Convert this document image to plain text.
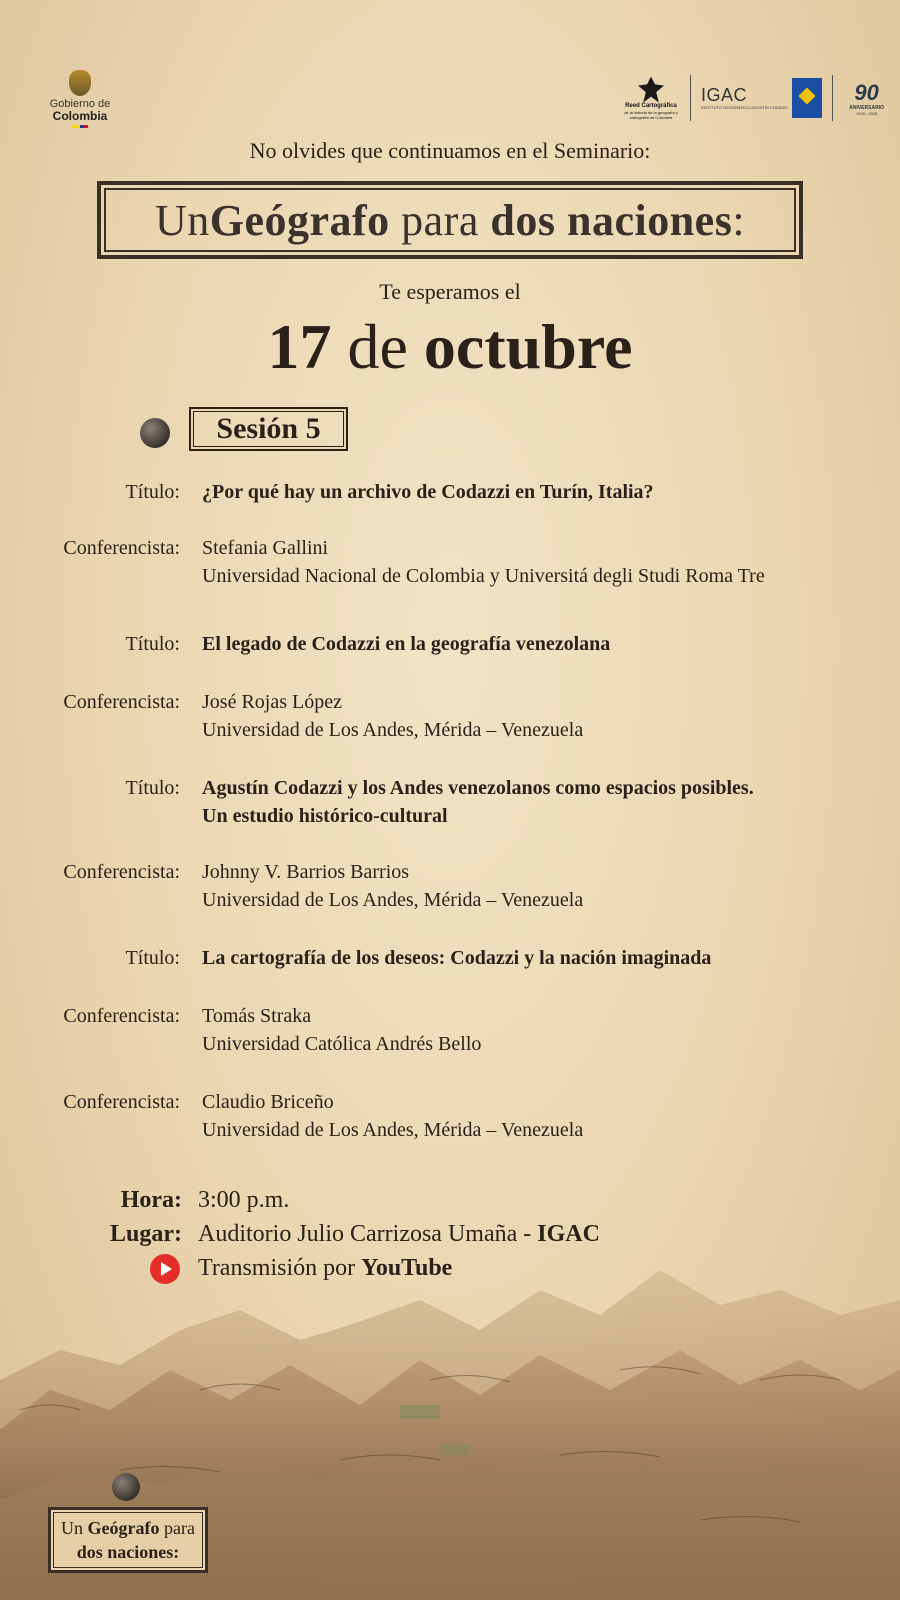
Gobierno de
Colombia
Reed Cartográfica
de la historia de la geografía y cartografía de Colombia
IGAC
INSTITUTO GEOGRÁFICO AGUSTÍN CODAZZI
90
ANIVERSARIO
1935 - 2025
No olvides que continuamos en el Seminario:
Un Geógrafo para dos naciones :
Te esperamos el
17 de octubre
Sesión 5
Título: ¿Por qué hay un archivo de Codazzi en Turín, Italia?
Conferencista: Stefania Gallini
Universidad Nacional de Colombia y Universitá degli Studi Roma Tre
Título: El legado de Codazzi en la geografía venezolana
Conferencista: José Rojas López
Universidad de Los Andes, Mérida – Venezuela
Título: Agustín Codazzi y los Andes venezolanos como espacios posibles.
Un estudio histórico-cultural
Conferencista: Johnny V. Barrios Barrios
Universidad de Los Andes, Mérida – Venezuela
Título: La cartografía de los deseos: Codazzi y la nación imaginada
Conferencista: Tomás Straka
Universidad Católica Andrés Bello
Conferencista: Claudio Briceño
Universidad de Los Andes, Mérida – Venezuela
Hora: 3:00 p.m.
Lugar: Auditorio Julio Carrizosa Umaña - IGAC
Transmisión por YouTube
Un Geógrafo para
dos naciones:
